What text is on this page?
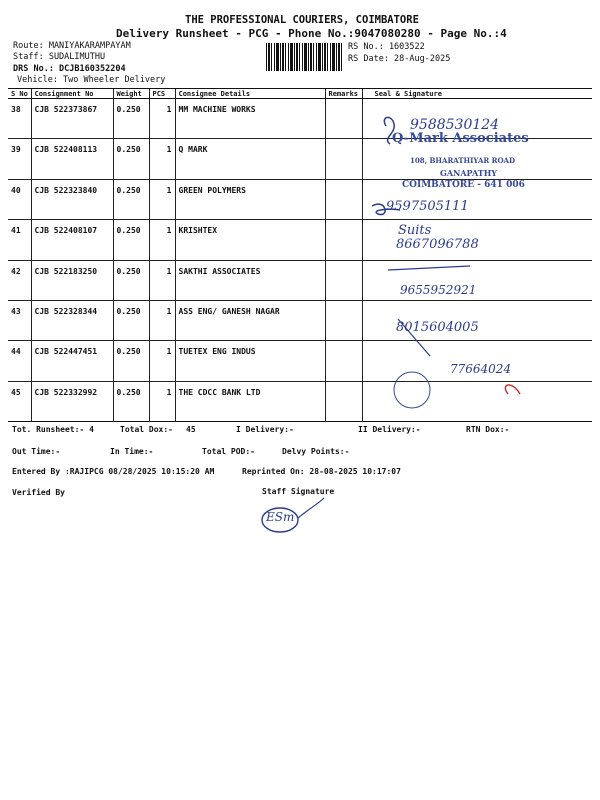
THE PROFESSIONAL COURIERS, COIMBATORE
Delivery Runsheet - PCG - Phone No.:9047080280 - Page No.:4
Route: MANIYAKARAMPAYAM
Staff: SUDALIMUTHU
DRS No.: DCJB160352204
Vehicle: Two Wheeler Delivery
RS No.: 1603522
RS Date: 28-Aug-2025
S No	Consignment No	Weight	PCS	Consignee Details	Remarks	Seal & Signature
38	CJB 522373867	0.250	1	MM MACHINE WORKS		
39	CJB 522408113	0.250	1	Q MARK		
40	CJB 522323840	0.250	1	GREEN POLYMERS		
41	CJB 522408107	0.250	1	KRISHTEX		
42	CJB 522183250	0.250	1	SAKTHI ASSOCIATES		
43	CJB 522328344	0.250	1	ASS ENG/ GANESH NAGAR		
44	CJB 522447451	0.250	1	TUETEX ENG INDUS		
45	CJB 522332992	0.250	1	THE CDCC BANK LTD		
Q-Mark Associates
108, BHARATHIYAR ROAD
GANAPATHY
COIMBATORE - 641 006
9588530124
9597505111
Suits
8667096788
9655952921
8015604005
77664024
Tot. Runsheet:- 4	Total Dox:- 45	I Delivery:-	II Delivery:-	RTN Dox:-
Out Time:-	In Time:-	Total POD:-	Delvy Points:-
Entered By :RAJIPCG 08/28/2025 10:15:20 AM	Reprinted On: 28-08-2025 10:17:07
Verified By	Staff Signature
ESm
